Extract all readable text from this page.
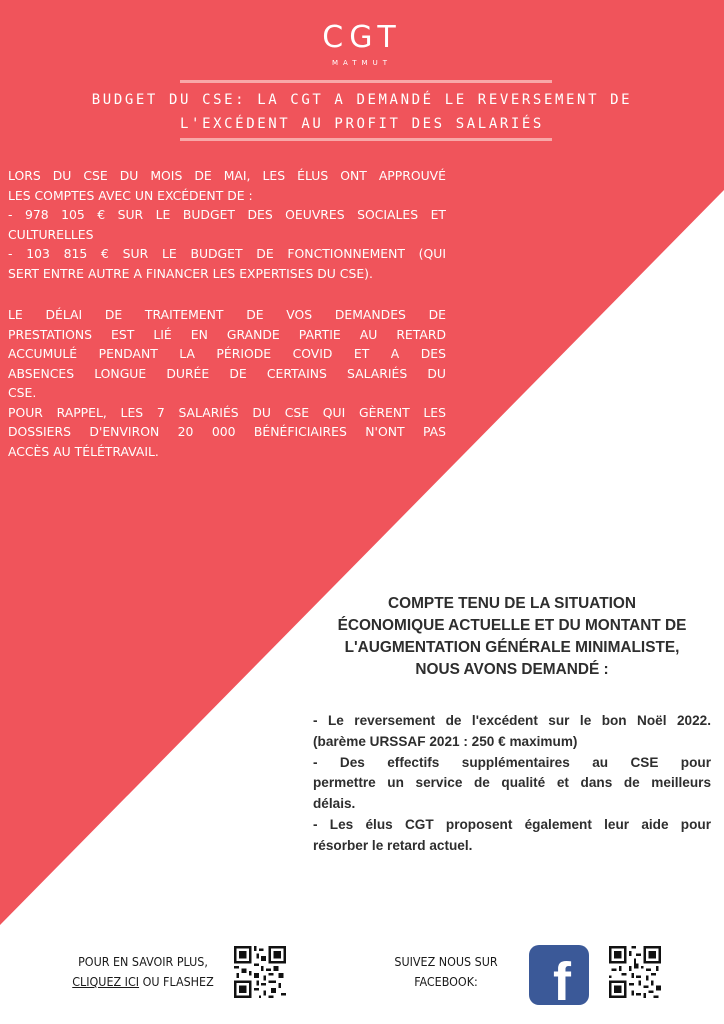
CGT
MATMUT
BUDGET DU CSE: LA CGT A DEMANDÉ LE REVERSEMENT DE
L'EXCÉDENT AU PROFIT DES SALARIÉS
LORS DU CSE DU MOIS DE MAI, LES ÉLUS ONT APPROUVÉ
LES COMPTES AVEC UN EXCÉDENT DE :
- 978 105 € SUR LE BUDGET DES OEUVRES SOCIALES ET
CULTURELLES
- 103 815 € SUR LE BUDGET DE FONCTIONNEMENT (QUI
SERT ENTRE AUTRE A FINANCER LES EXPERTISES DU CSE).
LE DÉLAI DE TRAITEMENT DE VOS DEMANDES DE
PRESTATIONS EST LIÉ EN GRANDE PARTIE AU RETARD
ACCUMULÉ PENDANT LA PÉRIODE COVID ET A DES
ABSENCES LONGUE DURÉE DE CERTAINS SALARIÉS DU
CSE.
POUR RAPPEL, LES 7 SALARIÉS DU CSE QUI GÈRENT LES
DOSSIERS D'ENVIRON 20 000 BÉNÉFICIAIRES N'ONT PAS
ACCÈS AU TÉLÉTRAVAIL.
COMPTE TENU DE LA SITUATION
ÉCONOMIQUE ACTUELLE ET DU MONTANT DE
L'AUGMENTATION GÉNÉRALE MINIMALISTE,
NOUS AVONS DEMANDÉ :
- Le reversement de l'excédent sur le bon Noël 2022.
(barème URSSAF 2021 : 250 € maximum)
- Des effectifs supplémentaires au CSE pour
permettre un service de qualité et dans de meilleurs
délais.
- Les élus CGT proposent également leur aide pour
résorber le retard actuel.
POUR EN SAVOIR PLUS,
CLIQUEZ ICI OU FLASHEZ
SUIVEZ NOUS SUR
FACEBOOK:	f
